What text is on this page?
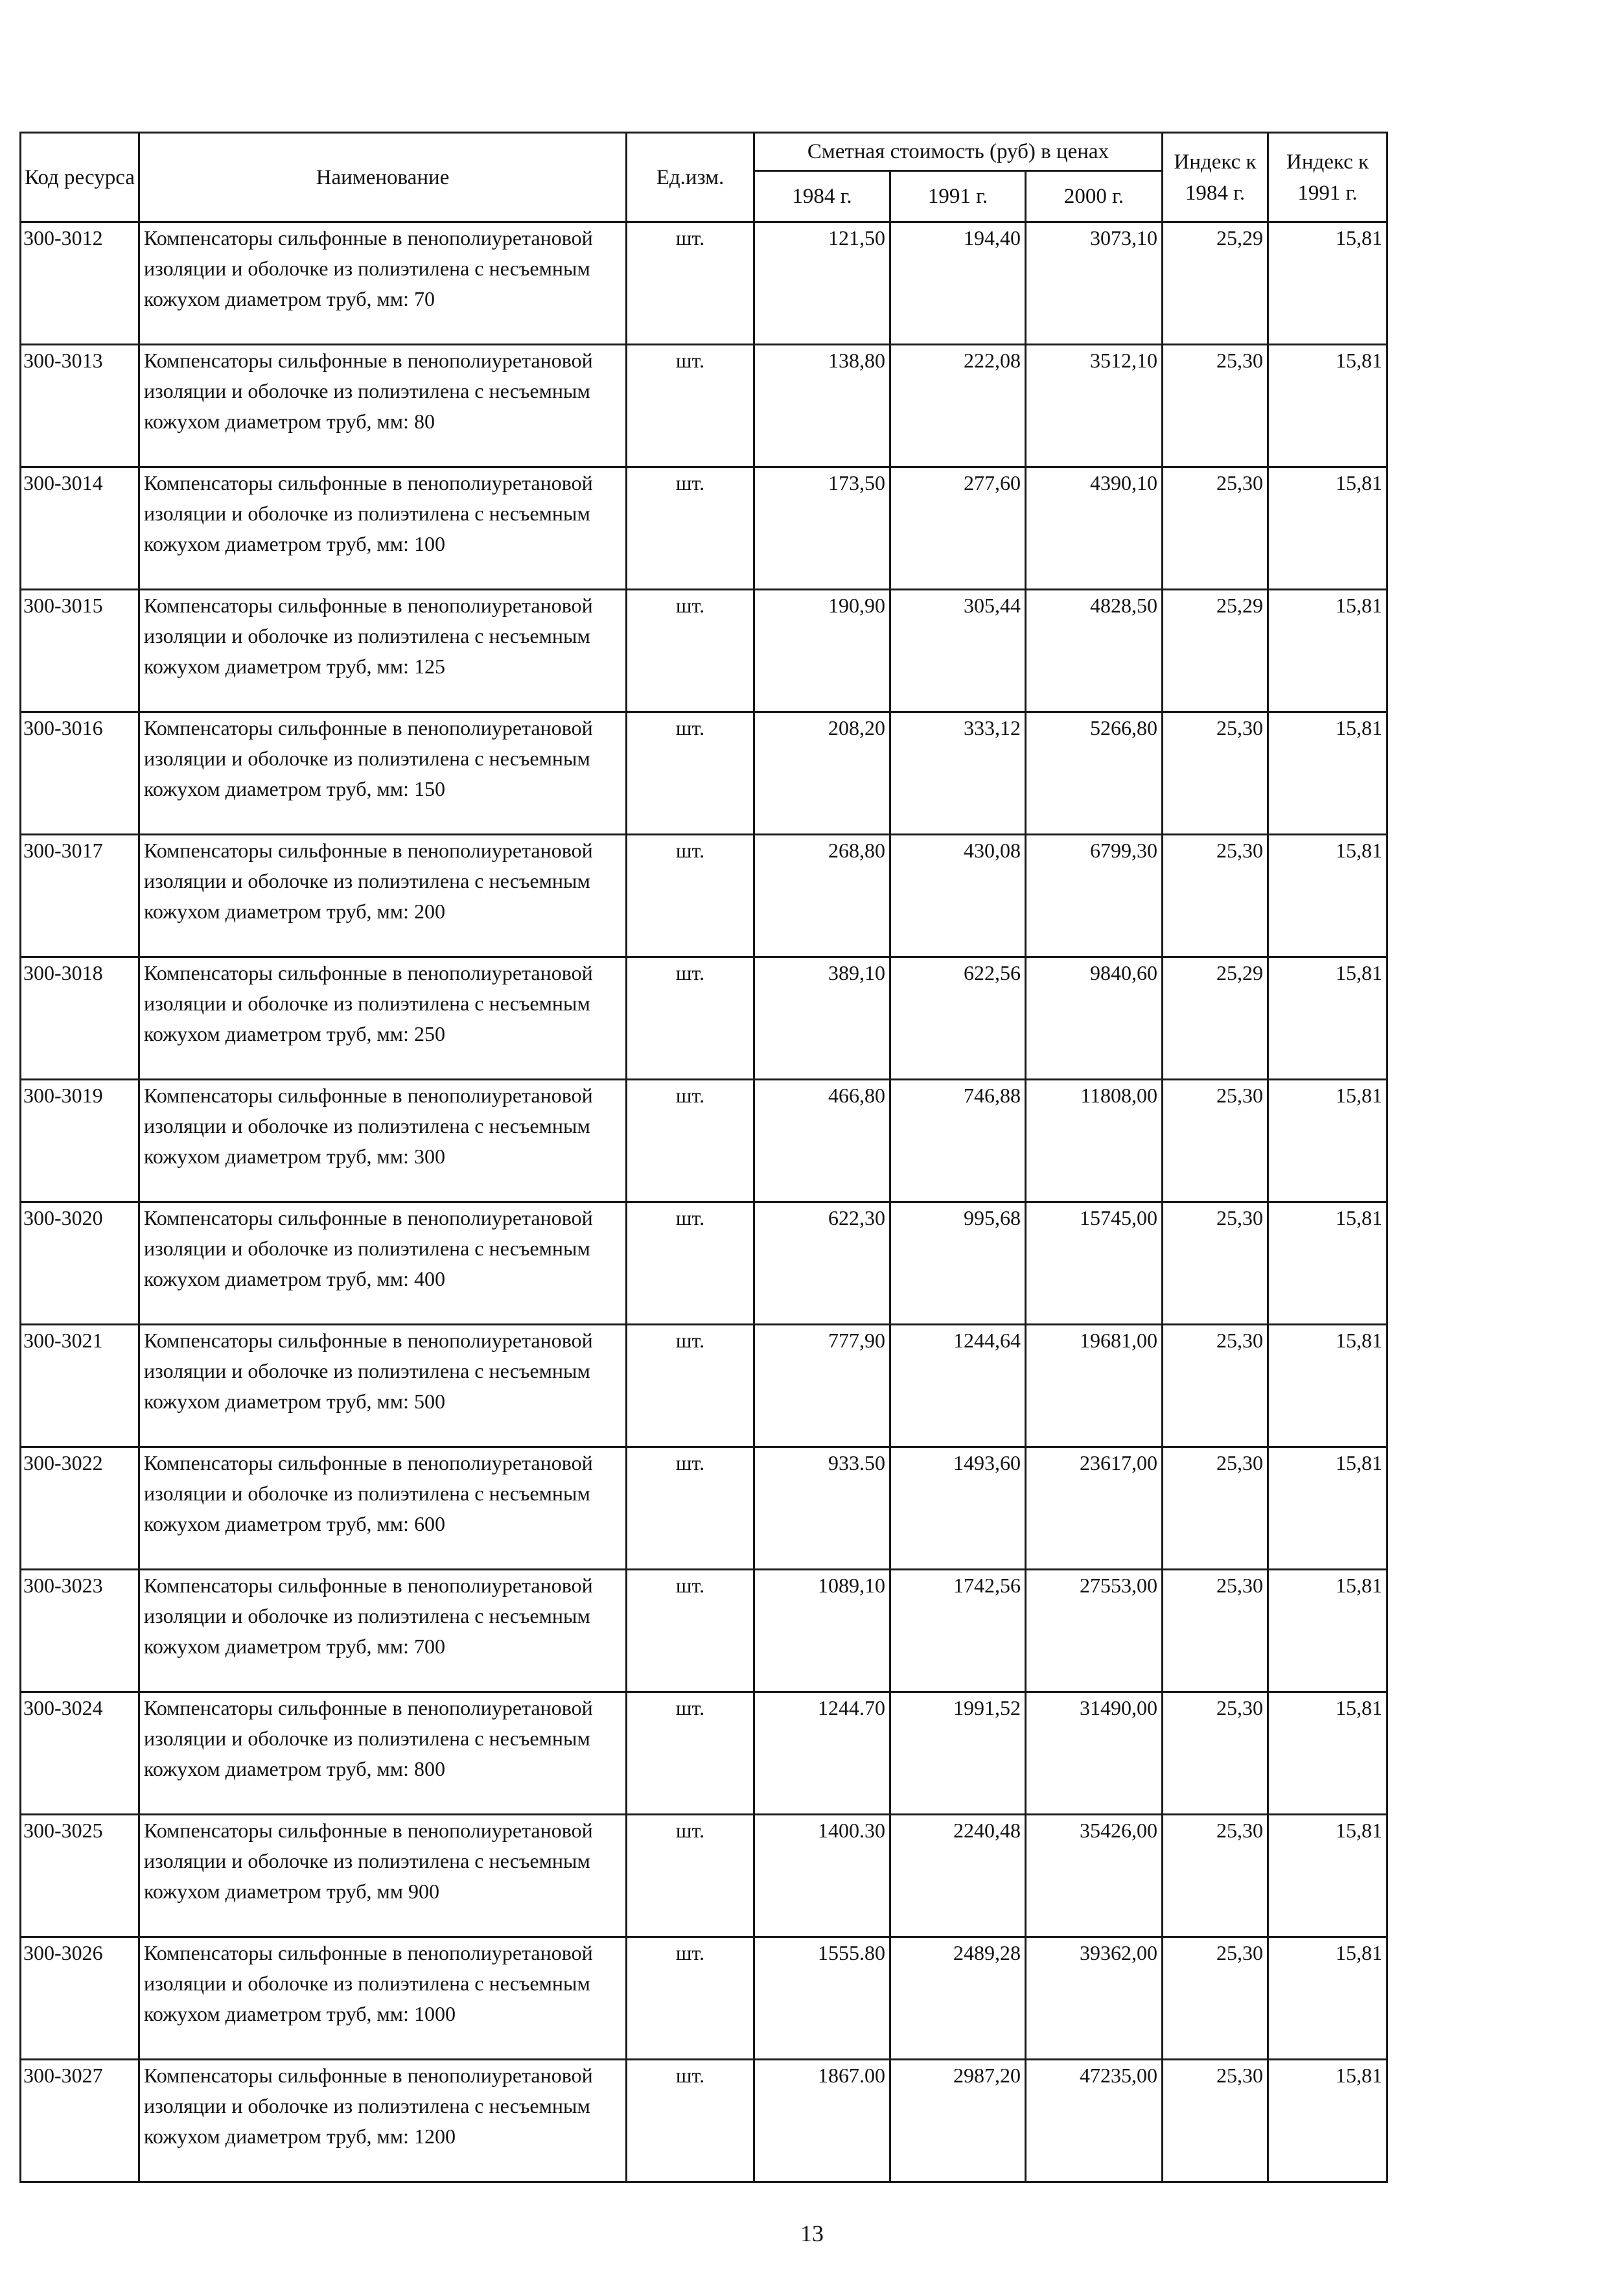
Код ресурса	Наименование	Ед.изм.	Сметная стоимость (руб) в ценах			Индекс к 1984 г.	Индекс к 1991 г.
			1984 г.	1991 г.	2000 г.		
300-3012	Компенсаторы сильфонные в пенополиуретановой изоляции и оболочке из полиэтилена с несъемным кожухом диаметром труб, мм: 70	шт.	121,50	194,40	3073,10	25,29	15,81
300-3013	Компенсаторы сильфонные в пенополиуретановой изоляции и оболочке из полиэтилена с несъемным кожухом диаметром труб, мм: 80	шт.	138,80	222,08	3512,10	25,30	15,81
300-3014	Компенсаторы сильфонные в пенополиуретановой изоляции и оболочке из полиэтилена с несъемным кожухом диаметром труб, мм: 100	шт.	173,50	277,60	4390,10	25,30	15,81
300-3015	Компенсаторы сильфонные в пенополиуретановой изоляции и оболочке из полиэтилена с несъемным кожухом диаметром труб, мм: 125	шт.	190,90	305,44	4828,50	25,29	15,81
300-3016	Компенсаторы сильфонные в пенополиуретановой изоляции и оболочке из полиэтилена с несъемным кожухом диаметром труб, мм: 150	шт.	208,20	333,12	5266,80	25,30	15,81
300-3017	Компенсаторы сильфонные в пенополиуретановой изоляции и оболочке из полиэтилена с несъемным кожухом диаметром труб, мм: 200	шт.	268,80	430,08	6799,30	25,30	15,81
300-3018	Компенсаторы сильфонные в пенополиуретановой изоляции и оболочке из полиэтилена с несъемным кожухом диаметром труб, мм: 250	шт.	389,10	622,56	9840,60	25,29	15,81
300-3019	Компенсаторы сильфонные в пенополиуретановой изоляции и оболочке из полиэтилена с несъемным кожухом диаметром труб, мм: 300	шт.	466,80	746,88	11808,00	25,30	15,81
300-3020	Компенсаторы сильфонные в пенополиуретановой изоляции и оболочке из полиэтилена с несъемным кожухом диаметром труб, мм: 400	шт.	622,30	995,68	15745,00	25,30	15,81
300-3021	Компенсаторы сильфонные в пенополиуретановой изоляции и оболочке из полиэтилена с несъемным кожухом диаметром труб, мм: 500	шт.	777,90	1244,64	19681,00	25,30	15,81
300-3022	Компенсаторы сильфонные в пенополиуретановой изоляции и оболочке из полиэтилена с несъемным кожухом диаметром труб, мм: 600	шт.	933.50	1493,60	23617,00	25,30	15,81
300-3023	Компенсаторы сильфонные в пенополиуретановой изоляции и оболочке из полиэтилена с несъемным кожухом диаметром труб, мм: 700	шт.	1089,10	1742,56	27553,00	25,30	15,81
300-3024	Компенсаторы сильфонные в пенополиуретановой изоляции и оболочке из полиэтилена с несъемным кожухом диаметром труб, мм: 800	шт.	1244.70	1991,52	31490,00	25,30	15,81
300-3025	Компенсаторы сильфонные в пенополиуретановой изоляции и оболочке из полиэтилена с несъемным кожухом диаметром труб, мм 900	шт.	1400.30	2240,48	35426,00	25,30	15,81
300-3026	Компенсаторы сильфонные в пенополиуретановой изоляции и оболочке из полиэтилена с несъемным кожухом диаметром труб, мм: 1000	шт.	1555.80	2489,28	39362,00	25,30	15,81
300-3027	Компенсаторы сильфонные в пенополиуретановой изоляции и оболочке из полиэтилена с несъемным кожухом диаметром труб, мм: 1200	шт.	1867.00	2987,20	47235,00	25,30	15,81
13
